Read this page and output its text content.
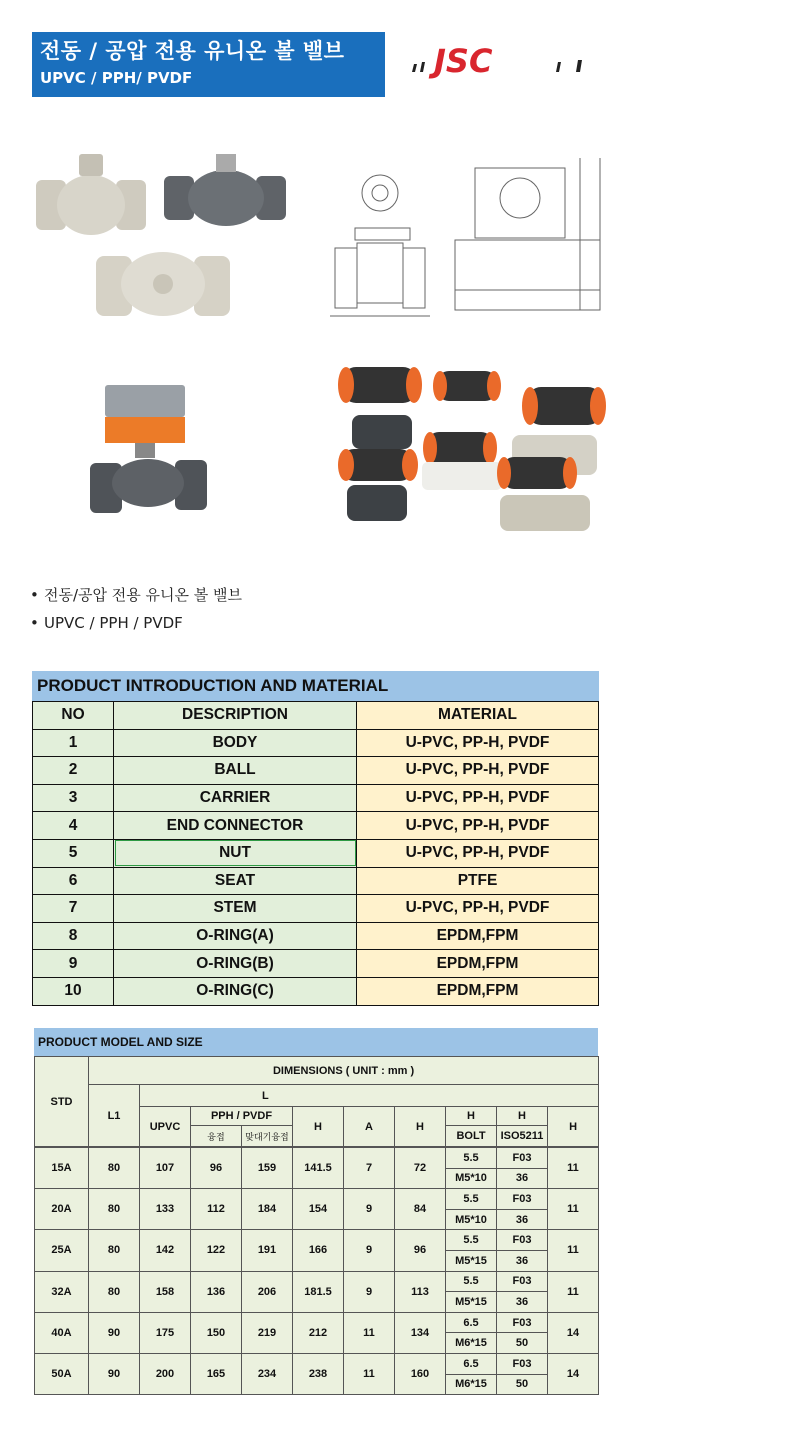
전동 / 공압 전용 유니온 볼 밸브
UPVC / PPH/ PVDF	JSC
• 전동/공압 전용 유니온 볼 밸브
• UPVC / PPH / PVDF
PRODUCT INTRODUCTION AND MATERIAL
NO	DESCRIPTION	MATERIAL
1	BODY	U-PVC, PP-H, PVDF
2	BALL	U-PVC, PP-H, PVDF
3	CARRIER	U-PVC, PP-H, PVDF
4	END CONNECTOR	U-PVC, PP-H, PVDF
5	NUT	U-PVC, PP-H, PVDF
6	SEAT	PTFE
7	STEM	U-PVC, PP-H, PVDF
8	O-RING(A)	EPDM,FPM
9	O-RING(B)	EPDM,FPM
10	O-RING(C)	EPDM,FPM
PRODUCT MODEL AND SIZE
STD	DIMENSIONS ( UNIT : mm )									
	L1	L								
		UPVC	PPH / PVDF		H	A	H	H	H	H
			융접	맞대기융접				BOLT	ISO5211	
15A	80	107	96	159	141.5	7	72	5.5	F03	11
								M5*10	36	
20A	80	133	112	184	154	9	84	5.5	F03	11
								M5*10	36	
25A	80	142	122	191	166	9	96	5.5	F03	11
								M5*15	36	
32A	80	158	136	206	181.5	9	113	5.5	F03	11
								M5*15	36	
40A	90	175	150	219	212	11	134	6.5	F03	14
								M6*15	50	
50A	90	200	165	234	238	11	160	6.5	F03	14
								M6*15	50	
